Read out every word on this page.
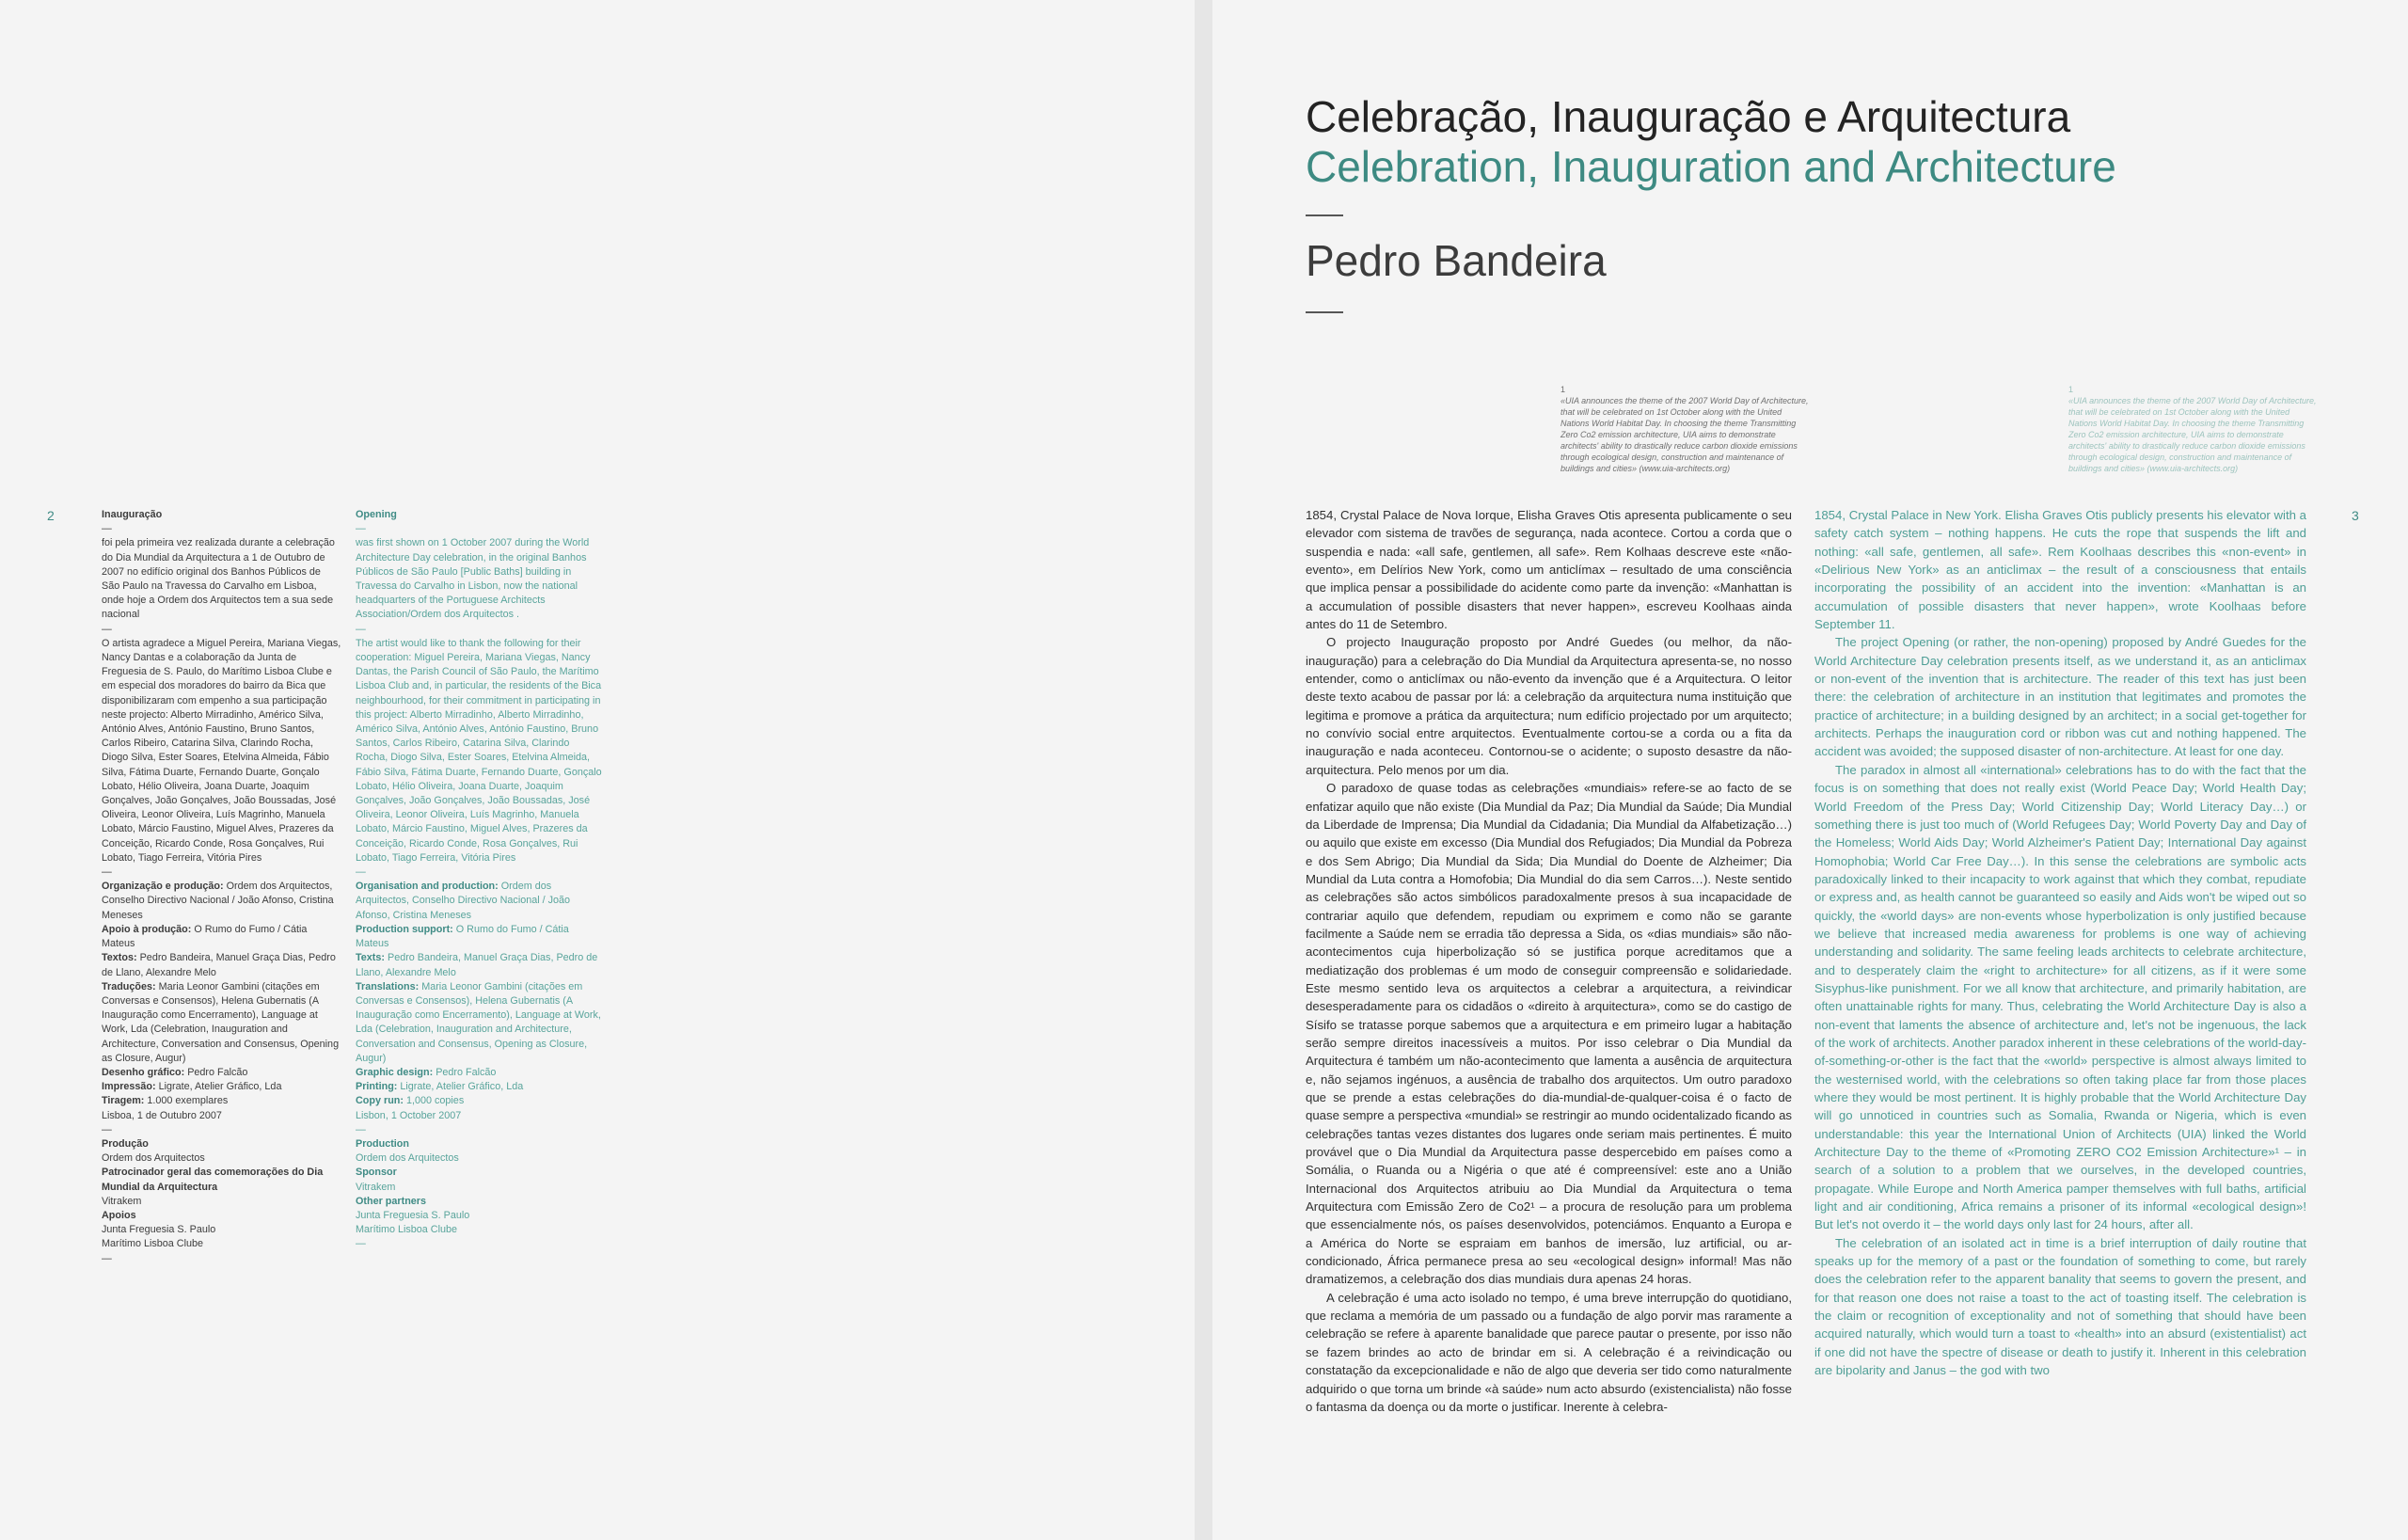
2	Inauguração

—

foi pela primeira vez realizada durante a celebração do Dia Mundial da Arquitectura a 1 de Outubro de 2007 no edifício original dos Banhos Públicos de São Paulo na Travessa do Carvalho em Lisboa, onde hoje a Ordem dos Arquitectos tem a sua sede nacional

—

O artista agradece a Miguel Pereira, Mariana Viegas, Nancy Dantas e a colaboração da Junta de Freguesia de S. Paulo, do Marítimo Lisboa Clube e em especial dos moradores do bairro da Bica que disponibilizaram com empenho a sua participação neste projecto: Alberto Mirradinho, Américo Silva, António Alves, António Faustino, Bruno Santos, Carlos Ribeiro, Catarina Silva, Clarindo Rocha, Diogo Silva, Ester Soares, Etelvina Almeida, Fábio Silva, Fátima Duarte, Fernando Duarte, Gonçalo Lobato, Hélio Oliveira, Joana Duarte, Joaquim Gonçalves, João Gonçalves, João Boussadas, José Oliveira, Leonor Oliveira, Luís Magrinho, Manuela Lobato, Márcio Faustino, Miguel Alves, Prazeres da Conceição, Ricardo Conde, Rosa Gonçalves, Rui Lobato, Tiago Ferreira, Vitória Pires

—

Organização e produção: Ordem dos Arquitectos, Conselho Directivo Nacional / João Afonso, Cristina Meneses

Apoio à produção: O Rumo do Fumo / Cátia Mateus

Textos: Pedro Bandeira, Manuel Graça Dias, Pedro de Llano, Alexandre Melo

Traduções: Maria Leonor Gambini (citações em Conversas e Consensos), Helena Gubernatis (A Inauguração como Encerramento), Language at Work, Lda (Celebration, Inauguration and Architecture, Conversation and Consensus, Opening as Closure, Augur)

Desenho gráfico: Pedro Falcão

Impressão: Ligrate, Atelier Gráfico, Lda

Tiragem: 1.000 exemplares

Lisboa, 1 de Outubro 2007

—

Produção

Ordem dos Arquitectos

Patrocinador geral das comemorações do Dia Mundial da Arquitectura

Vitrakem

Apoios

Junta Freguesia S. Paulo

Marítimo Lisboa Clube

—

Opening

—

was first shown on 1 October 2007 during the World Architecture Day celebration, in the original Banhos Públicos de São Paulo [Public Baths] building in Travessa do Carvalho in Lisbon, now the national headquarters of the Portuguese Architects Association/Ordem dos Arquitectos .

—

The artist would like to thank the following for their cooperation: Miguel Pereira, Mariana Viegas, Nancy Dantas, the Parish Council of São Paulo, the Marítimo Lisboa Club and, in particular, the residents of the Bica neighbourhood, for their commitment in participating in this project: Alberto Mirradinho, Alberto Mirradinho, Américo Silva, António Alves, António Faustino, Bruno Santos, Carlos Ribeiro, Catarina Silva, Clarindo Rocha, Diogo Silva, Ester Soares, Etelvina Almeida, Fábio Silva, Fátima Duarte, Fernando Duarte, Gonçalo Lobato, Hélio Oliveira, Joana Duarte, Joaquim Gonçalves, João Gonçalves, João Boussadas, José Oliveira, Leonor Oliveira, Luís Magrinho, Manuela Lobato, Márcio Faustino, Miguel Alves, Prazeres da Conceição, Ricardo Conde, Rosa Gonçalves, Rui Lobato, Tiago Ferreira, Vitória Pires

—

Organisation and production: Ordem dos Arquitectos, Conselho Directivo Nacional / João Afonso, Cristina Meneses

Production support: O Rumo do Fumo / Cátia Mateus

Texts: Pedro Bandeira, Manuel Graça Dias, Pedro de Llano, Alexandre Melo

Translations: Maria Leonor Gambini (citações em Conversas e Consensos), Helena Gubernatis (A Inauguração como Encerramento), Language at Work, Lda (Celebration, Inauguration and Architecture, Conversation and Consensus, Opening as Closure, Augur)

Graphic design: Pedro Falcão

Printing: Ligrate, Atelier Gráfico, Lda

Copy run: 1,000 copies

Lisbon, 1 October 2007

—

Production

Ordem dos Arquitectos

Sponsor

Vitrakem

Other partners

Junta Freguesia S. Paulo

Marítimo Lisboa Clube

—

Celebração, Inauguração e Arquitectura
Celebration, Inauguration and Architecture
Pedro Bandeira
1
«UIA announces the theme of the 2007 World Day of Architecture, that will be celebrated on 1st October along with the United Nations World Habitat Day. In choosing the theme Transmitting Zero Co2 emission architecture, UIA aims to demonstrate architects' ability to drastically reduce carbon dioxide emissions through ecological design, construction and maintenance of buildings and cities» (www.uia-architects.org)
1
«UIA announces the theme of the 2007 World Day of Architecture, that will be celebrated on 1st October along with the United Nations World Habitat Day. In choosing the theme Transmitting Zero Co2 emission architecture, UIA aims to demonstrate architects' ability to drastically reduce carbon dioxide emissions through ecological design, construction and maintenance of buildings and cities» (www.uia-architects.org)

1854, Crystal Palace de Nova Iorque, Elisha Graves Otis apresenta publicamente o seu elevador com sistema de travões de segurança, nada acontece. Cortou a corda que o suspendia e nada: «all safe, gentlemen, all safe». Rem Kolhaas descreve este «não-evento», em Delírios New York, como um anticlímax – resultado de uma consciência que implica pensar a possibilidade do acidente como parte da invenção: «Manhattan is a accumulation of possible disasters that never happen», escreveu Koolhaas ainda antes do 11 de Setembro.

O projecto Inauguração proposto por André Guedes (ou melhor, da não-inauguração) para a celebração do Dia Mundial da Arquitectura apresenta-se, no nosso entender, como o anticlímax ou não-evento da invenção que é a Arquitectura. O leitor deste texto acabou de passar por lá: a celebração da arquitectura numa instituição que legitima e promove a prática da arquitectura; num edifício projectado por um arquitecto; no convívio social entre arquitectos. Eventualmente cortou-se a corda ou a fita da inauguração e nada aconteceu. Contornou-se o acidente; o suposto desastre da não-arquitectura. Pelo menos por um dia.

O paradoxo de quase todas as celebrações «mundiais» refere-se ao facto de se enfatizar aquilo que não existe (Dia Mundial da Paz; Dia Mundial da Saúde; Dia Mundial da Liberdade de Imprensa; Dia Mundial da Cidadania; Dia Mundial da Alfabetização…) ou aquilo que existe em excesso (Dia Mundial dos Refugiados; Dia Mundial da Pobreza e dos Sem Abrigo; Dia Mundial da Sida; Dia Mundial do Doente de Alzheimer; Dia Mundial da Luta contra a Homofobia; Dia Mundial do dia sem Carros…). Neste sentido as celebrações são actos simbólicos paradoxalmente presos à sua incapacidade de contrariar aquilo que defendem, repudiam ou exprimem e como não se garante facilmente a Saúde nem se erradia tão depressa a Sida, os «dias mundiais» são não-acontecimentos cuja hiperbolização só se justifica porque acreditamos que a mediatização dos problemas é um modo de conseguir compreensão e solidariedade. Este mesmo sentido leva os arquitectos a celebrar a arquitectura, a reivindicar desesperadamente para os cidadãos o «direito à arquitectura», como se do castigo de Sísifo se tratasse porque sabemos que a arquitectura e em primeiro lugar a habitação serão sempre direitos inacessíveis a muitos. Por isso celebrar o Dia Mundial da Arquitectura é também um não-acontecimento que lamenta a ausência de arquitectura e, não sejamos ingénuos, a ausência de trabalho dos arquitectos. Um outro paradoxo que se prende a estas celebrações do dia-mundial-de-qualquer-coisa é o facto de quase sempre a perspectiva «mundial» se restringir ao mundo ocidentalizado ficando as celebrações tantas vezes distantes dos lugares onde seriam mais pertinentes. É muito provável que o Dia Mundial da Arquitectura passe despercebido em países como a Somália, o Ruanda ou a Nigéria o que até é compreensível: este ano a União Internacional dos Arquitectos atribuiu ao Dia Mundial da Arquitectura o tema Arquitectura com Emissão Zero de Co2¹ – a procura de resolução para um problema que essencialmente nós, os países desenvolvidos, potenciámos. Enquanto a Europa e a América do Norte se espraiam em banhos de imersão, luz artificial, ou ar-condicionado, África permanece presa ao seu «ecological design» informal! Mas não dramatizemos, a celebração dos dias mundiais dura apenas 24 horas.

A celebração é uma acto isolado no tempo, é uma breve interrupção do quotidiano, que reclama a memória de um passado ou a fundação de algo porvir mas raramente a celebração se refere à aparente banalidade que parece pautar o presente, por isso não se fazem brindes ao acto de brindar em si. A celebração é a reivindicação ou constatação da excepcionalidade e não de algo que deveria ser tido como naturalmente adquirido o que torna um brinde «à saúde» num acto absurdo (existencialista) não fosse o fantasma da doença ou da morte o justificar. Inerente à celebra-

1854, Crystal Palace in New York. Elisha Graves Otis publicly presents his elevator with a safety catch system – nothing happens. He cuts the rope that suspends the lift and nothing: «all safe, gentlemen, all safe». Rem Koolhaas describes this «non-event» in «Delirious New York» as an anticlimax – the result of a consciousness that entails incorporating the possibility of an accident into the invention: «Manhattan is an accumulation of possible disasters that never happen», wrote Koolhaas before September 11.

The project Opening (or rather, the non-opening) proposed by André Guedes for the World Architecture Day celebration presents itself, as we understand it, as an anticlimax or non-event of the invention that is architecture. The reader of this text has just been there: the celebration of architecture in an institution that legitimates and promotes the practice of architecture; in a building designed by an architect; in a social get-together for architects. Perhaps the inauguration cord or ribbon was cut and nothing happened. The accident was avoided; the supposed disaster of non-architecture. At least for one day.

The paradox in almost all «international» celebrations has to do with the fact that the focus is on something that does not really exist (World Peace Day; World Health Day; World Freedom of the Press Day; World Citizenship Day; World Literacy Day…) or something there is just too much of (World Refugees Day; World Poverty Day and Day of the Homeless; World Aids Day; World Alzheimer's Patient Day; International Day against Homophobia; World Car Free Day…). In this sense the celebrations are symbolic acts paradoxically linked to their incapacity to work against that which they combat, repudiate or express and, as health cannot be guaranteed so easily and Aids won't be wiped out so quickly, the «world days» are non-events whose hyperbolization is only justified because we believe that increased media awareness for problems is one way of achieving understanding and solidarity. The same feeling leads architects to celebrate architecture, and to desperately claim the «right to architecture» for all citizens, as if it were some Sisyphus-like punishment. For we all know that architecture, and primarily habitation, are often unattainable rights for many. Thus, celebrating the World Architecture Day is also a non-event that laments the absence of architecture and, let's not be ingenuous, the lack of the work of architects. Another paradox inherent in these celebrations of the world-day-of-something-or-other is the fact that the «world» perspective is almost always limited to the westernised world, with the celebrations so often taking place far from those places where they would be most pertinent. It is highly probable that the World Architecture Day will go unnoticed in countries such as Somalia, Rwanda or Nigeria, which is even understandable: this year the International Union of Architects (UIA) linked the World Architecture Day to the theme of «Promoting ZERO CO2 Emission Architecture»¹ – in search of a solution to a problem that we ourselves, in the developed countries, propagate. While Europe and North America pamper themselves with full baths, artificial light and air conditioning, Africa remains a prisoner of its informal «ecological design»! But let's not overdo it – the world days only last for 24 hours, after all.

The celebration of an isolated act in time is a brief interruption of daily routine that speaks up for the memory of a past or the foundation of something to come, but rarely does the celebration refer to the apparent banality that seems to govern the present, and for that reason one does not raise a toast to the act of toasting itself. The celebration is the claim or recognition of exceptionality and not of something that should have been acquired naturally, which would turn a toast to «health» into an absurd (existentialist) act if one did not have the spectre of disease or death to justify it. Inherent in this celebration are bipolarity and Janus – the god with two

3
